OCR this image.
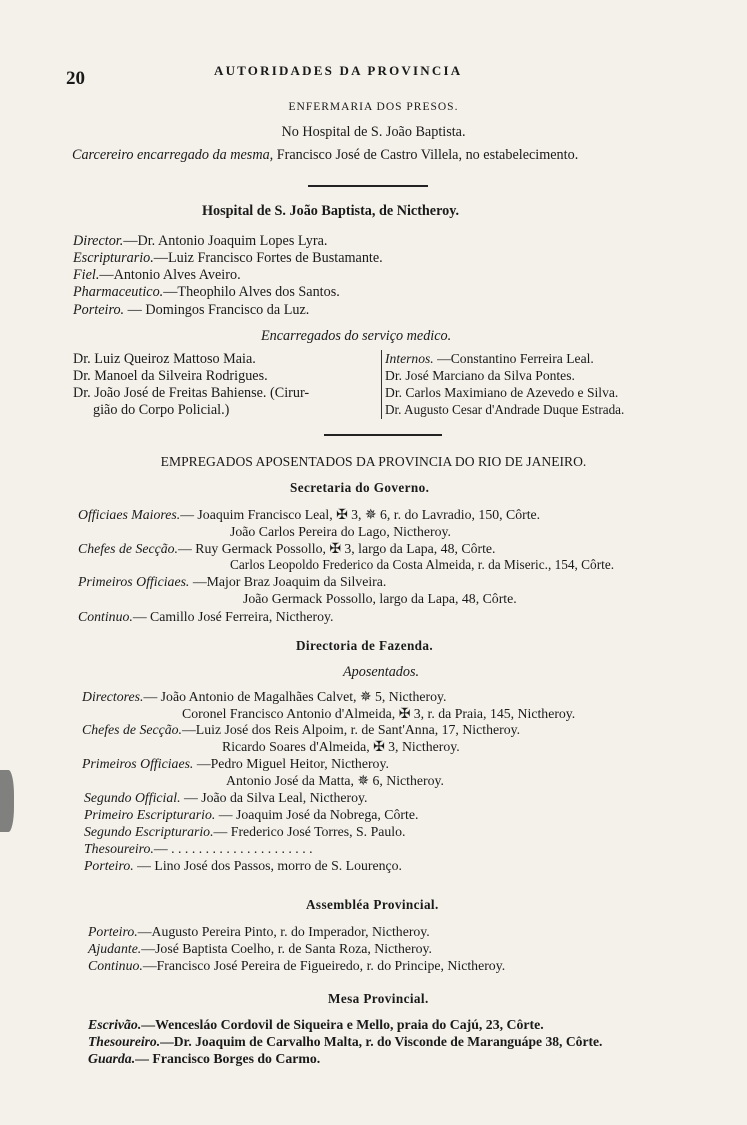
20	AUTORIDADES DA PROVINCIA
ENFERMARIA DOS PRESOS.
No Hospital de S. João Baptista.
Carcereiro encarregado da mesma, Francisco José de Castro Villela, no estabelecimento.
Hospital de S. João Baptista, de Nictheroy.
Director.—Dr. Antonio Joaquim Lopes Lyra.
Escripturario.—Luiz Francisco Fortes de Bustamante.
Fiel.—Antonio Alves Aveiro.
Pharmaceutico.—Theophilo Alves dos Santos.
Porteiro. — Domingos Francisco da Luz.
Encarregados do serviço medico.
Dr. Luiz Queiroz Mattoso Maia.
Dr. Manoel da Silveira Rodrigues.
Dr. João José de Freitas Bahiense. (Cirur-
gião do Corpo Policial.)
Internos. —Constantino Ferreira Leal.
Dr. José Marciano da Silva Pontes.
Dr. Carlos Maximiano de Azevedo e Silva.
Dr. Augusto Cesar d'Andrade Duque Estrada.
EMPREGADOS APOSENTADOS DA PROVINCIA DO RIO DE JANEIRO.
Secretaria do Governo.
Officiaes Maiores.— Joaquim Francisco Leal, ✠ 3, ✵ 6, r. do Lavradio, 150, Côrte.
João Carlos Pereira do Lago, Nictheroy.
Chefes de Secção.— Ruy Germack Possollo, ✠ 3, largo da Lapa, 48, Côrte.
Carlos Leopoldo Frederico da Costa Almeida, r. da Miseric., 154, Côrte.
Primeiros Officiaes. —Major Braz Joaquim da Silveira.
João Germack Possollo, largo da Lapa, 48, Côrte.
Continuo.— Camillo José Ferreira, Nictheroy.
Directoria de Fazenda.
Aposentados.
Directores.— João Antonio de Magalhães Calvet, ✵ 5, Nictheroy.
Coronel Francisco Antonio d'Almeida, ✠ 3, r. da Praia, 145, Nictheroy.
Chefes de Secção.—Luiz José dos Reis Alpoim, r. de Sant'Anna, 17, Nictheroy.
Ricardo Soares d'Almeida, ✠ 3, Nictheroy.
Primeiros Officiaes. —Pedro Miguel Heitor, Nictheroy.
Antonio José da Matta, ✵ 6, Nictheroy.
Segundo Official. — João da Silva Leal, Nictheroy.
Primeiro Escripturario. — Joaquim José da Nobrega, Côrte.
Segundo Escripturario.— Frederico José Torres, S. Paulo.
Thesoureiro.— . . . . . . . . . . . . . . . . . . . . .
Porteiro. — Lino José dos Passos, morro de S. Lourenço.
Assembléa Provincial.
Porteiro.—Augusto Pereira Pinto, r. do Imperador, Nictheroy.
Ajudante.—José Baptista Coelho, r. de Santa Roza, Nictheroy.
Continuo.—Francisco José Pereira de Figueiredo, r. do Principe, Nictheroy.
Mesa Provincial.
Escrivão.—Wencesláo Cordovil de Siqueira e Mello, praia do Cajú, 23, Côrte.
Thesoureiro.—Dr. Joaquim de Carvalho Malta, r. do Visconde de Maranguápe 38, Côrte.
Guarda.— Francisco Borges do Carmo.
